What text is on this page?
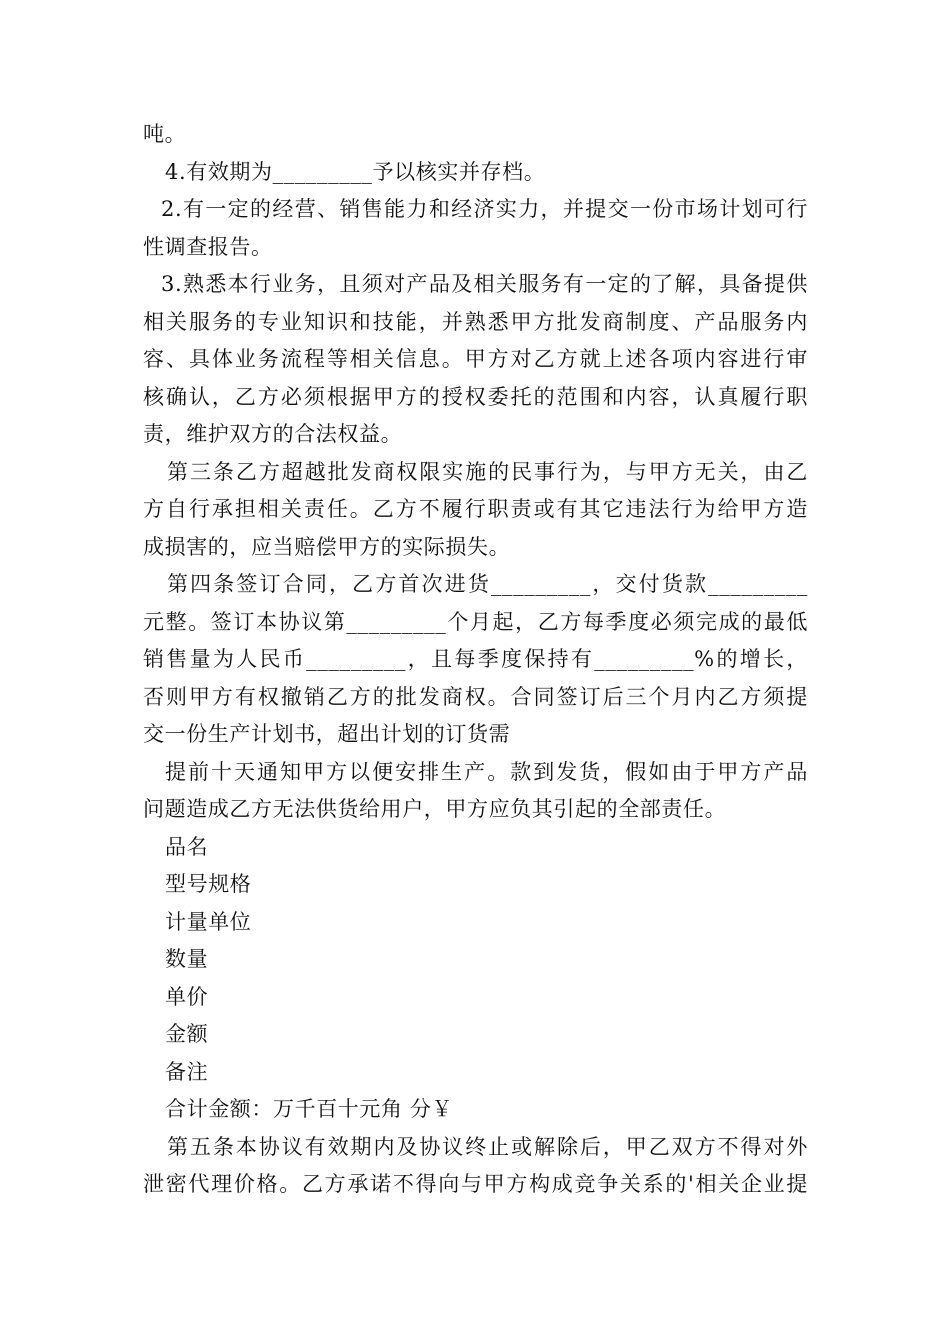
吨。
4.有效期为_________予以核实并存档。
2.有一定的经营、销售能力和经济实力，并提交一份市场计划可行
性调查报告。
3.熟悉本行业务，且须对产品及相关服务有一定的了解，具备提供
相关服务的专业知识和技能，并熟悉甲方批发商制度、产品服务内
容、具体业务流程等相关信息。甲方对乙方就上述各项内容进行审
核确认，乙方必须根据甲方的授权委托的范围和内容，认真履行职
责，维护双方的合法权益。
第三条乙方超越批发商权限实施的民事行为，与甲方无关，由乙
方自行承担相关责任。乙方不履行职责或有其它违法行为给甲方造
成损害的，应当赔偿甲方的实际损失。
第四条签订合同，乙方首次进货_________，交付货款_________
元整。签订本协议第_________个月起，乙方每季度必须完成的最低
销售量为人民币_________，且每季度保持有_________%的增长，
否则甲方有权撤销乙方的批发商权。合同签订后三个月内乙方须提
交一份生产计划书，超出计划的订货需
提前十天通知甲方以便安排生产。款到发货，假如由于甲方产品
问题造成乙方无法供货给用户，甲方应负其引起的全部责任。
品名
型号规格
计量单位
数量
单价
金额
备注
合计金额：万千百十元角 分￥
第五条本协议有效期内及协议终止或解除后，甲乙双方不得对外
泄密代理价格。乙方承诺不得向与甲方构成竞争关系的'相关企业提
